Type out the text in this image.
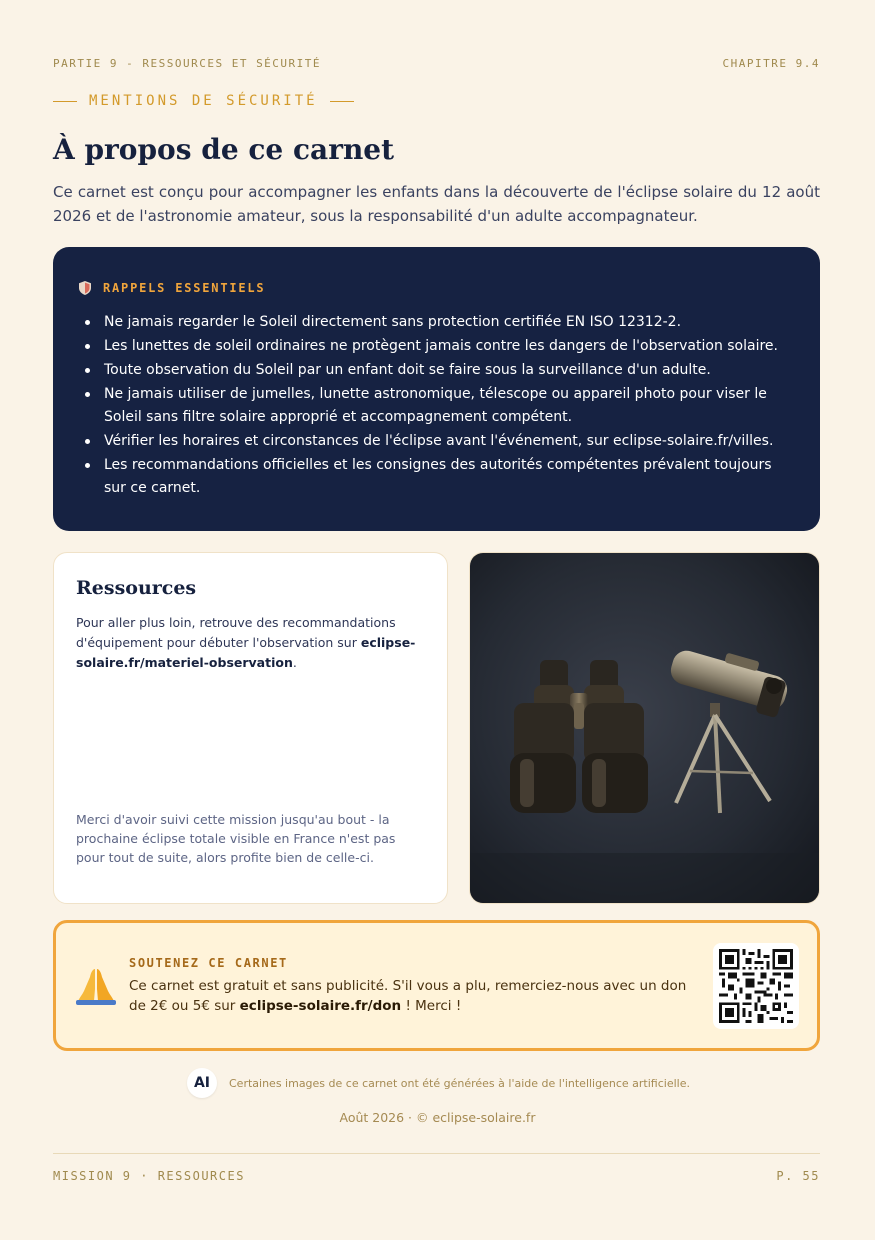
PARTIE 9 - RESSOURCES ET SÉCURITÉ	CHAPITRE 9.4
MENTIONS DE SÉCURITÉ
À propos de ce carnet

Ce carnet est conçu pour accompagner les enfants dans la découverte de l'éclipse solaire du 12 août 2026 et de l'astronomie amateur, sous la responsabilité d'un adulte accompagnateur.

RAPPELS ESSENTIELS
Ne jamais regarder le Soleil directement sans protection certifiée EN ISO 12312-2.
Les lunettes de soleil ordinaires ne protègent jamais contre les dangers de l'observation solaire.
Toute observation du Soleil par un enfant doit se faire sous la surveillance d'un adulte.
Ne jamais utiliser de jumelles, lunette astronomique, télescope ou appareil photo pour viser le Soleil sans filtre solaire approprié et accompagnement compétent.
Vérifier les horaires et circonstances de l'éclipse avant l'événement, sur eclipse-solaire.fr/villes.
Les recommandations officielles et les consignes des autorités compétentes prévalent toujours sur ce carnet.
Ressources

Pour aller plus loin, retrouve des recommandations d'équipement pour débuter l'observation sur eclipse-solaire.fr/materiel-observation.

Merci d'avoir suivi cette mission jusqu'au bout - la prochaine éclipse totale visible en France n'est pas pour tout de suite, alors profite bien de celle-ci.

SOUTENEZ CE CARNET

Ce carnet est gratuit et sans publicité. S'il vous a plu, remerciez-nous avec un don de 2€ ou 5€ sur eclipse-solaire.fr/don ! Merci !

AI	Certaines images de ce carnet ont été générées à l'aide de l'intelligence artificielle.
Août 2026 · © eclipse-solaire.fr
MISSION 9 · RESSOURCES	P. 55
